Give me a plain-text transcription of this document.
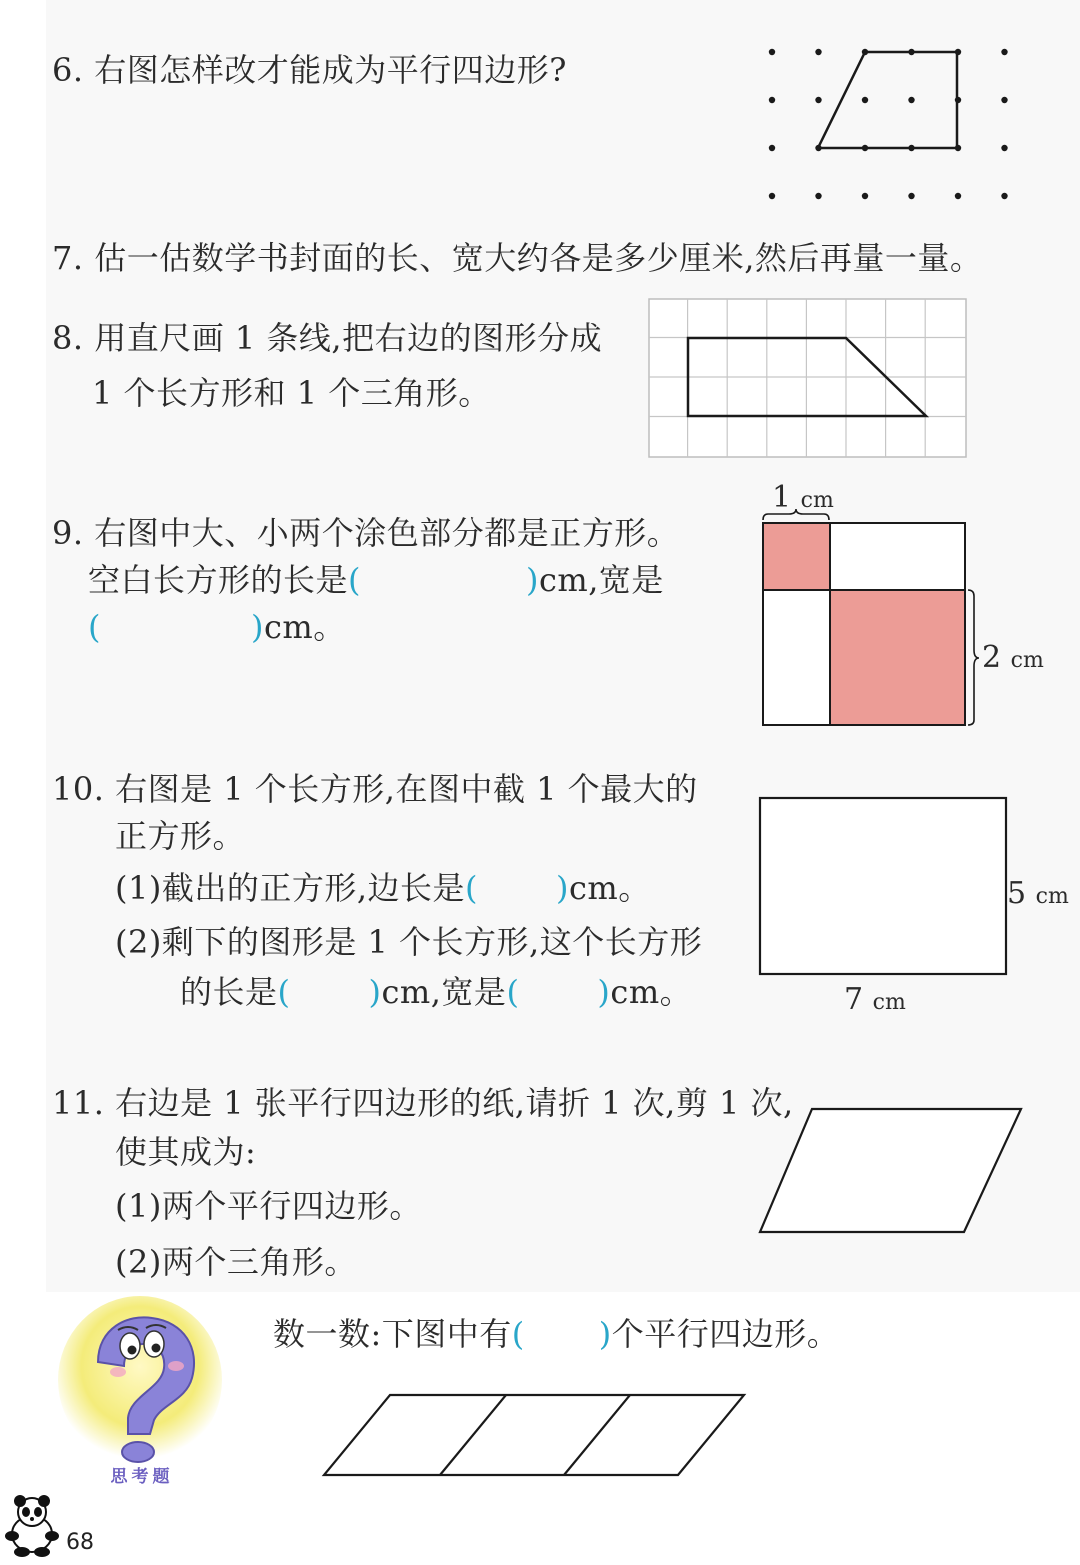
6. 右图怎样改才能成为平行四边形?
7. 估一估数学书封面的长、宽大约各是多少厘米,然后再量一量。
8. 用直尺画 1 条线,把右边的图形分成
1 个长方形和 1 个三角形。
9. 右图中大、小两个涂色部分都是正方形。
空白长方形的长是(	)cm,宽是
(	)cm。
1 cm
2 cm
10. 右图是 1 个长方形,在图中截 1 个最大的
正方形。
(1)截出的正方形,边长是( )cm。
(2)剩下的图形是 1 个长方形,这个长方形
的长是( )cm,宽是( )cm。
5 cm
7 cm
11. 右边是 1 张平行四边形的纸,请折 1 次,剪 1 次,
使其成为:
(1)两个平行四边形。
(2)两个三角形。
思考题
数一数:下图中有( )个平行四边形。
68
